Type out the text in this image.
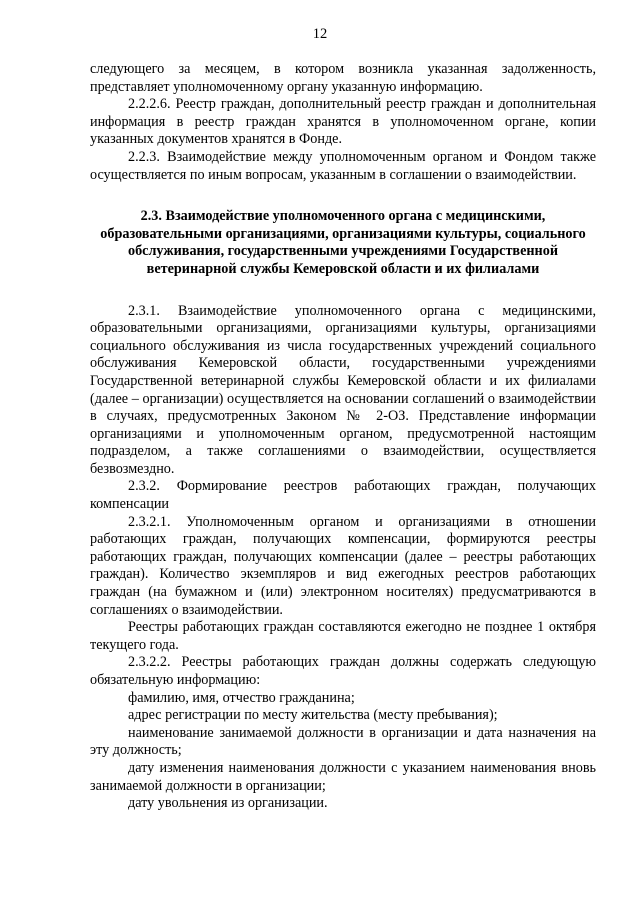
12

следующего за месяцем, в котором возникла указанная задолженность, представляет уполномоченному органу указанную информацию.

2.2.2.6. Реестр граждан, дополнительный реестр граждан и дополнительная информация в реестр граждан хранятся в уполномоченном органе, копии указанных документов хранятся в Фонде.

2.2.3. Взаимодействие между уполномоченным органом и Фондом также осуществляется по иным вопросам, указанным в соглашении о взаимодействии.

2.3. Взаимодействие уполномоченного органа с медицинскими,
образовательными организациями, организациями культуры, социального
обслуживания, государственными учреждениями Государственной
ветеринарной службы Кемеровской области и их филиалами

2.3.1. Взаимодействие уполномоченного органа с медицинскими, образовательными организациями, организациями культуры, организациями социального обслуживания из числа государственных учреждений социального обслуживания Кемеровской области, государственными учреждениями Государственной ветеринарной службы Кемеровской области и их филиалами (далее – организации) осуществляется на основании соглашений о взаимодействии в случаях, предусмотренных Законом № 2-ОЗ. Представление информации организациями и уполномоченным органом, предусмотренной настоящим подразделом, а также соглашениями о взаимодействии, осуществляется безвозмездно.

2.3.2. Формирование реестров работающих граждан, получающих компенсации

2.3.2.1. Уполномоченным органом и организациями в отношении работающих граждан, получающих компенсации, формируются реестры работающих граждан, получающих компенсации (далее – реестры работающих граждан). Количество экземпляров и вид ежегодных реестров работающих граждан (на бумажном и (или) электронном носителях) предусматриваются в соглашениях о взаимодействии.

Реестры работающих граждан составляются ежегодно не позднее 1 октября текущего года.

2.3.2.2. Реестры работающих граждан должны содержать следующую обязательную информацию:

фамилию, имя, отчество гражданина;

адрес регистрации по месту жительства (месту пребывания);

наименование занимаемой должности в организации и дата назначения на эту должность;

дату изменения наименования должности с указанием наименования вновь занимаемой должности в организации;

дату увольнения из организации.
